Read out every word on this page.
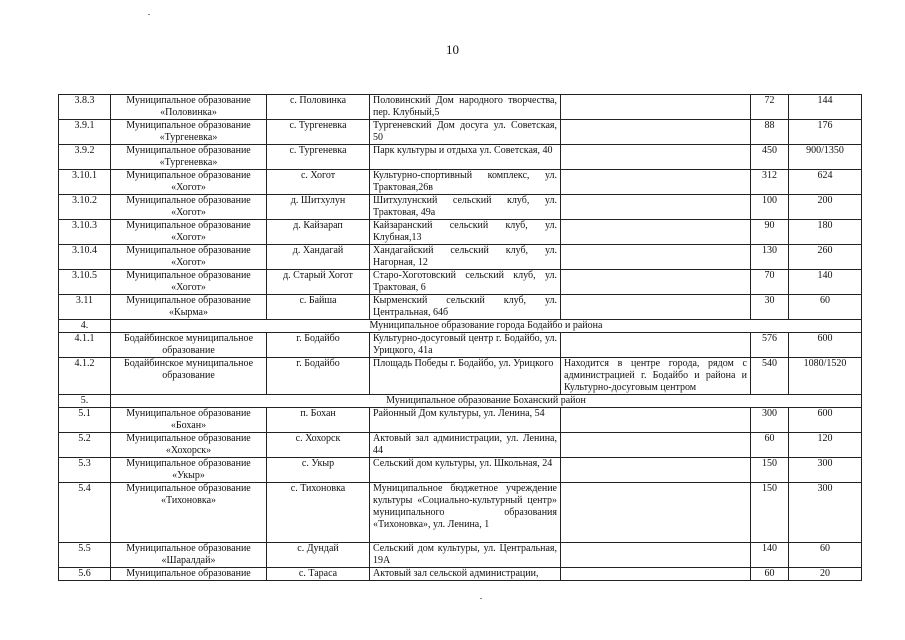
10
3.8.3	Муниципальное образование «Половинка»	с. Половинка	Половинский Дом народного творчества, пер. Клубный,5		72	144
3.9.1	Муниципальное образование «Тургеневка»	с. Тургеневка	Тургеневский Дом досуга ул. Советская, 50		88	176
3.9.2	Муниципальное образование «Тургеневка»	с. Тургеневка	Парк культуры и отдыха ул. Советская, 40		450	900/1350
3.10.1	Муниципальное образование «Хогот»	с. Хогот	Культурно-спортивный комплекс, ул. Трактовая,26в		312	624
3.10.2	Муниципальное образование «Хогот»	д. Шитхулун	Шитхулунский сельский клуб, ул. Трактовая, 49а		100	200
3.10.3	Муниципальное образование «Хогот»	д. Кайзарап	Кайзаранский сельский клуб, ул. Клубная,13		90	180
3.10.4	Муниципальное образование «Хогот»	д. Хандагай	Хандагайский сельский клуб, ул. Нагорная, 12		130	260
3.10.5	Муниципальное образование «Хогот»	д. Старый Хогот	Старо-Хоготовский сельский клуб, ул. Трактовая, 6		70	140
3.11	Муниципальное образование «Кырма»	с. Байша	Кырменский сельский клуб, ул. Центральная, 64б		30	60
4.	Муниципальное образование города Бодайбо и района					
4.1.1	Бодайбинское муниципальное образование	г. Бодайбо	Культурно-досуговый центр г. Бодайбо, ул. Урицкого, 41а		576	600
4.1.2	Бодайбинское муниципальное образование	г. Бодайбо	Площадь Победы г. Бодайбо, ул. Урицкого	Находится в центре города, рядом с администрацией г. Бодайбо и района и Культурно-досуговым центром	540	1080/1520
5.	Муниципальное образование Боханский район					
5.1	Муниципальное образование «Бохан»	п. Бохан	Районный Дом культуры, ул. Ленина, 54		300	600
5.2	Муниципальное образование «Хохорск»	с. Хохорск	Актовый зал администрации, ул. Ленина, 44		60	120
5.3	Муниципальное образование «Укыр»	с. Укыр	Сельский дом культуры, ул. Школьная, 24		150	300
5.4	Муниципальное образование «Тихоновка»	с. Тихоновка	Муниципальное бюджетное учреждение культуры «Социально-культурный центр» муниципального образования «Тихоновка», ул. Ленина, 1		150	300
5.5	Муниципальное образование «Шаралдай»	с. Дундай	Сельский дом культуры, ул. Центральная, 19А		140	60
5.6	Муниципальное образование	с. Тараса	Актовый зал сельской администрации,		60	20
